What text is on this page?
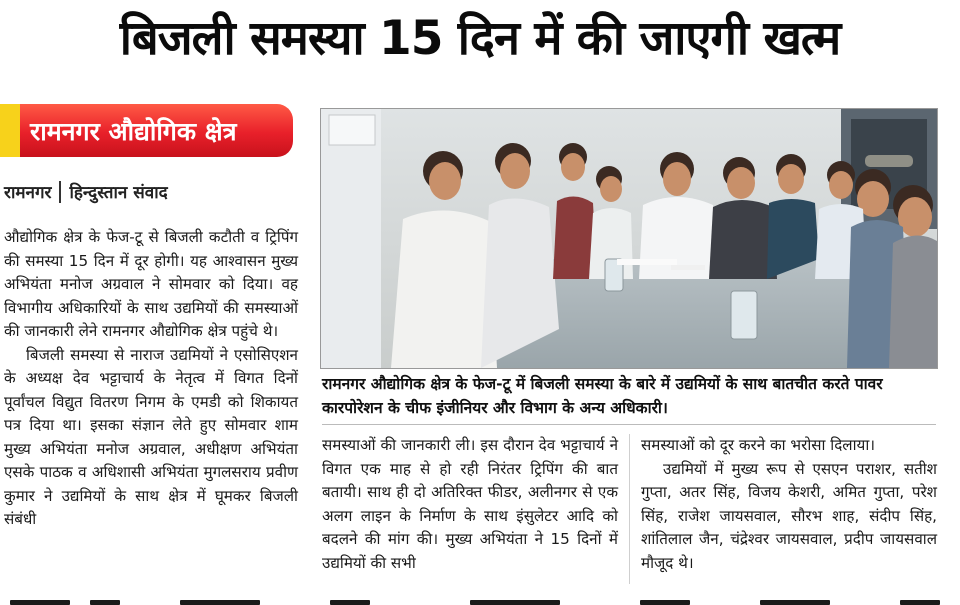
बिजली समस्या 15 दिन में की जाएगी खत्म
रामनगर औद्योगिक क्षेत्र
रामनगर हिन्दुस्तान संवाद

औद्योगिक क्षेत्र के फेज-टू से बिजली कटौती व ट्रिपिंग की समस्या 15 दिन में दूर होगी। यह आश्वासन मुख्य अभियंता मनोज अग्रवाल ने सोमवार को दिया। वह विभागीय अधिकारियों के साथ उद्यमियों की समस्याओं की जानकारी लेने रामनगर औद्योगिक क्षेत्र पहुंचे थे।

बिजली समस्या से नाराज उद्यमियों ने एसोसिएशन के अध्यक्ष देव भट्टाचार्य के नेतृत्व में विगत दिनों पूर्वांचल विद्युत वितरण निगम के एमडी को शिकायत पत्र दिया था। इसका संज्ञान लेते हुए सोमवार शाम मुख्य अभियंता मनोज अग्रवाल, अधीक्षण अभियंता एसके पाठक व अधिशासी अभियंता मुगलसराय प्रवीण कुमार ने उद्यमियों के साथ क्षेत्र में घूमकर बिजली संबंधी

रामनगर औद्योगिक क्षेत्र के फेज-टू में बिजली समस्या के बारे में उद्यमियों के साथ बातचीत करते पावर कारपोरेशन के चीफ इंजीनियर और विभाग के अन्य अधिकारी।

समस्याओं की जानकारी ली। इस दौरान देव भट्टाचार्य ने विगत एक माह से हो रही निरंतर ट्रिपिंग की बात बतायी। साथ ही दो अतिरिक्त फीडर, अलीनगर से एक अलग लाइन के निर्माण के साथ इंसुलेटर आदि को बदलने की मांग की। मुख्य अभियंता ने 15 दिनों में उद्यमियों की सभी

समस्याओं को दूर करने का भरोसा दिलाया।

उद्यमियों में मुख्य रूप से एसएन पराशर, सतीश गुप्ता, अतर सिंह, विजय केशरी, अमित गुप्ता, परेश सिंह, राजेश जायसवाल, सौरभ शाह, संदीप सिंह, शांतिलाल जैन, चंद्रेश्वर जायसवाल, प्रदीप जायसवाल मौजूद थे।
